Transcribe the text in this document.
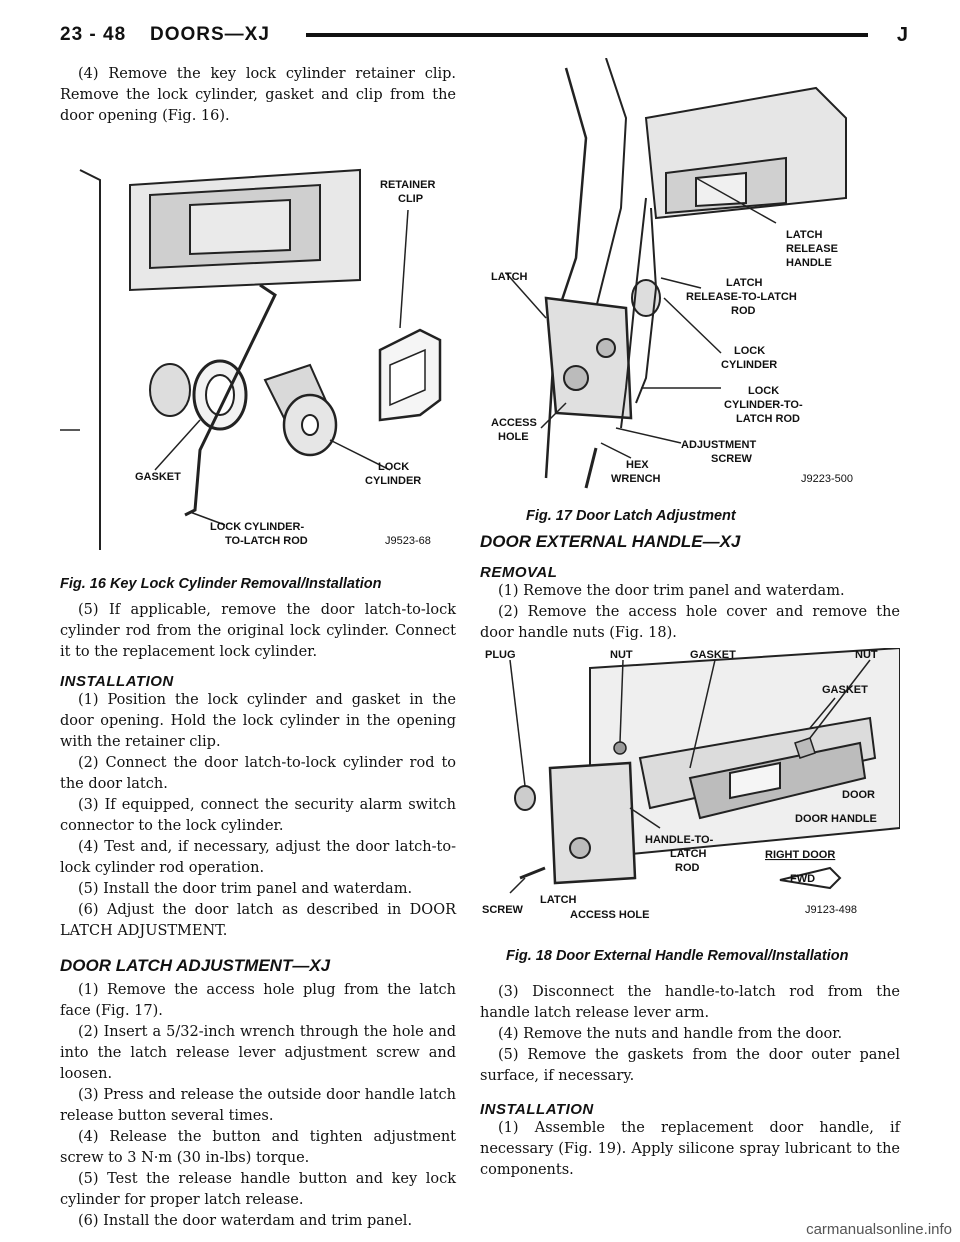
23 - 48 DOORS—XJ	J

(4) Remove the key lock cylinder retainer clip. Remove the lock cylinder, gasket and clip from the door opening (Fig. 16).

RETAINER
CLIP
GASKET
LOCK
CYLINDER
LOCK CYLINDER-
TO-LATCH ROD	J9523-68

Fig. 16 Key Lock Cylinder Removal/Installation

(5) If applicable, remove the door latch-to-lock cylinder rod from the original lock cylinder. Connect it to the replacement lock cylinder.

INSTALLATION

(1) Position the lock cylinder and gasket in the door opening. Hold the lock cylinder in the opening with the retainer clip.

(2) Connect the door latch-to-lock cylinder rod to the door latch.

(3) If equipped, connect the security alarm switch connector to the lock cylinder.

(4) Test and, if necessary, adjust the door latch-to-lock cylinder rod operation.

(5) Install the door trim panel and waterdam.

(6) Adjust the door latch as described in DOOR LATCH ADJUSTMENT.

DOOR LATCH ADJUSTMENT—XJ

(1) Remove the access hole plug from the latch face (Fig. 17).

(2) Insert a 5/32-inch wrench through the hole and into the latch release lever adjustment screw and loosen.

(3) Press and release the outside door handle latch release button several times.

(4) Release the button and tighten adjustment screw to 3 N·m (30 in-lbs) torque.

(5) Test the release handle button and key lock cylinder for proper latch release.

(6) Install the door waterdam and trim panel.

LATCH
RELEASE
HANDLE
LATCH	LATCH
RELEASE-TO-LATCH
ROD
LOCK
CYLINDER
LOCK
CYLINDER-TO-
LATCH ROD
ACCESS
HOLE
ADJUSTMENT
SCREW
HEX
WRENCH	J9223-500

Fig. 17 Door Latch Adjustment

DOOR EXTERNAL HANDLE—XJ

REMOVAL

(1) Remove the door trim panel and waterdam.

(2) Remove the access hole cover and remove the door handle nuts (Fig. 18).

PLUG	NUT	GASKET	NUT
GASKET
DOOR
DOOR HANDLE
HANDLE-TO-
LATCH
ROD
RIGHT DOOR
FWD
SCREW
LATCH
ACCESS HOLE	J9123-498

Fig. 18 Door External Handle Removal/Installation

(3) Disconnect the handle-to-latch rod from the handle latch release lever arm.

(4) Remove the nuts and handle from the door.

(5) Remove the gaskets from the door outer panel surface, if necessary.

INSTALLATION

(1) Assemble the replacement door handle, if necessary (Fig. 19). Apply silicone spray lubricant to the components.

carmanualsonline.info
